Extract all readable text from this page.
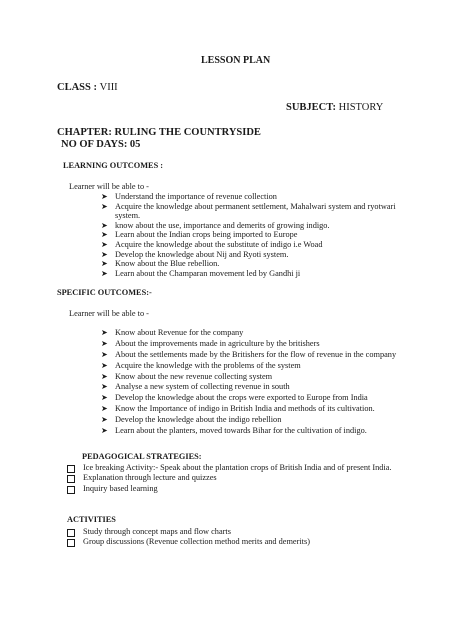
LESSON PLAN
CLASS : VIII
SUBJECT: HISTORY
CHAPTER: RULING THE COUNTRYSIDE
NO OF DAYS: 05
LEARNING OUTCOMES :
Learner will be able to -
➤ Understand the importance of revenue collection
➤ Acquire the knowledge about permanent settlement, Mahalwari system and ryotwari system.
➤ know about the use, importance and demerits of growing indigo.
➤ Learn about the Indian crops being imported to Europe
➤ Acquire the knowledge about the substitute of indigo i.e Woad
➤ Develop the knowledge about Nij and Ryoti system.
➤ Know about the Blue rebellion.
➤ Learn about the Champaran movement led by Gandhi ji
SPECIFIC OUTCOMES:-
Learner will be able to -
➤ Know about Revenue for the company
➤ About the improvements made in agriculture by the britishers
➤ About the settlements made by the Britishers for the flow of revenue in the company
➤ Acquire the knowledge with the problems of the system
➤ Know about the new revenue collecting system
➤ Analyse a new system of collecting revenue in south
➤ Develop the knowledge about the crops were exported to Europe from India
➤ Know the Importance of indigo in British India and methods of its cultivation.
➤ Develop the knowledge about the indigo rebellion
➤ Learn about the planters, moved towards Bihar for the cultivation of indigo.
PEDAGOGICAL STRATEGIES:
Ice breaking Activity:- Speak about the plantation crops of British India and of present India.
Explanation through lecture and quizzes
Inquiry based learning
ACTIVITIES
Study through concept maps and flow charts
Group discussions (Revenue collection method merits and demerits)
